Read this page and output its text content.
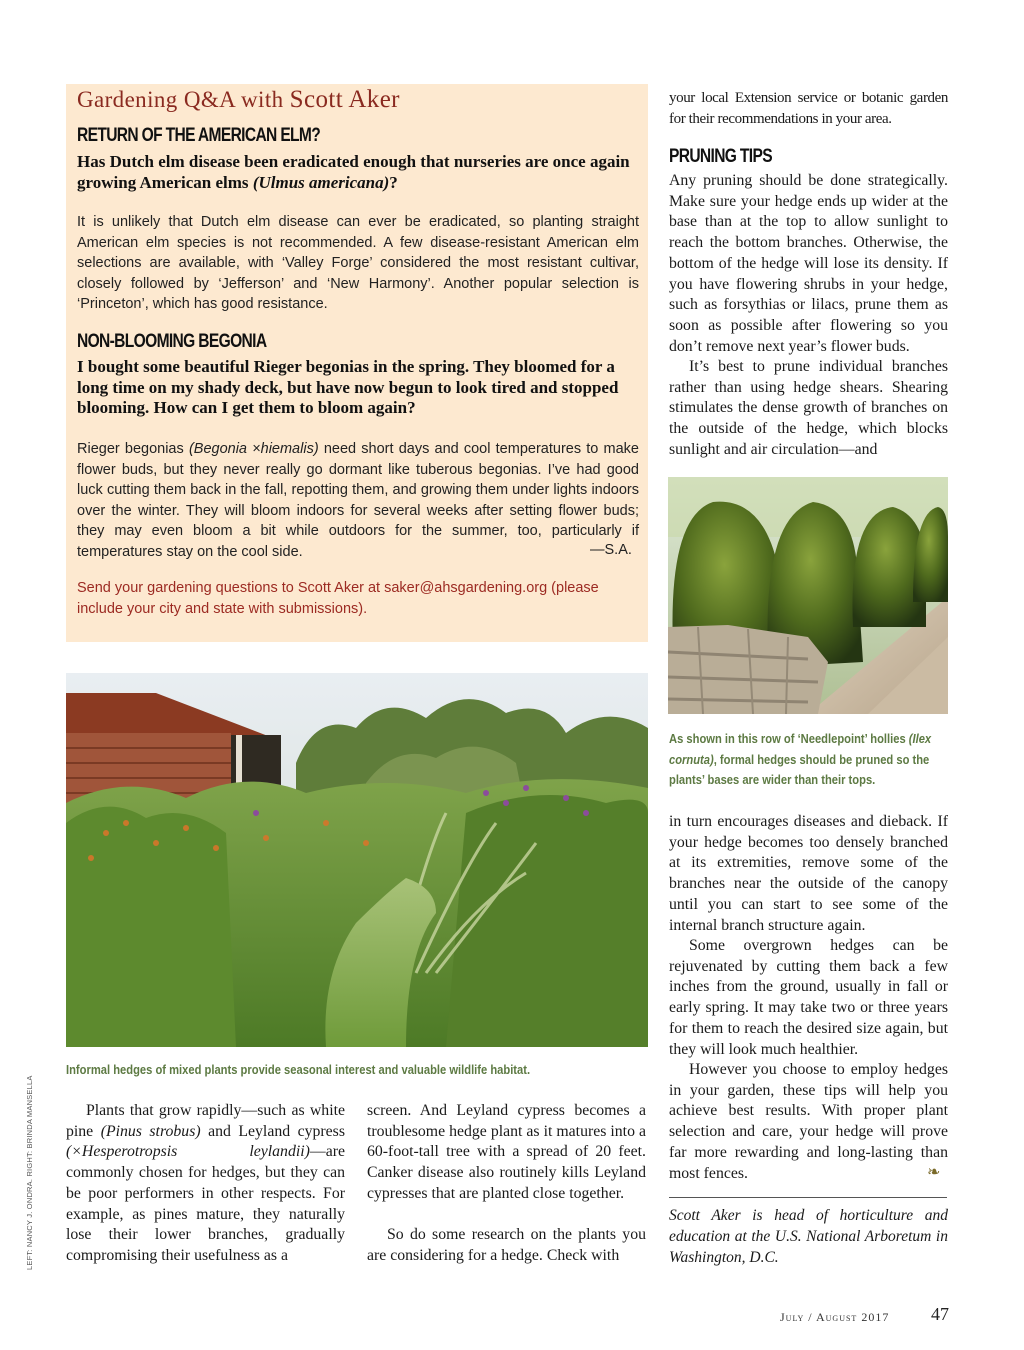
Gardening Q&A with Scott Aker
RETURN OF THE AMERICAN ELM?
Has Dutch elm disease been eradicated enough that nurseries are once again growing American elms (Ulmus americana)?
It is unlikely that Dutch elm disease can ever be eradicated, so planting straight American elm species is not recommended. A few disease-resistant American elm selections are available, with ‘Valley Forge’ considered the most resistant cultivar, closely followed by ‘Jefferson’ and ‘New Harmony’. Another popular selection is ‘Princeton’, which has good resistance.
NON-BLOOMING BEGONIA
I bought some beautiful Rieger begonias in the spring. They bloomed for a long time on my shady deck, but have now begun to look tired and stopped blooming. How can I get them to bloom again?
Rieger begonias (Begonia ×hiemalis) need short days and cool temperatures to make flower buds, but they never really go dormant like tuberous begonias. I’ve had good luck cutting them back in the fall, repotting them, and growing them under lights indoors over the winter. They will bloom indoors for several weeks after setting flower buds; they may even bloom a bit while outdoors for the summer, too, particularly if temperatures stay on the cool side.	—S.A.
Send your gardening questions to Scott Aker at saker@ahsgardening.org (please include your city and state with submissions).
your local Extension service or botanic garden for their recommendations in your area.
PRUNING TIPS
Any pruning should be done strategically. Make sure your hedge ends up wider at the base than at the top to allow sunlight to reach the bottom branches. Otherwise, the bottom of the hedge will lose its density. If you have flowering shrubs in your hedge, such as forsythias or lilacs, prune them as soon as possible after flowering so you don’t remove next year’s flower buds.
It’s best to prune individual branches rather than using hedge shears. Shearing stimulates the dense growth of branches on the outside of the hedge, which blocks sunlight and air circulation—and
As shown in this row of ‘Needlepoint’ hollies (Ilex cornuta), formal hedges should be pruned so the plants’ bases are wider than their tops.
in turn encourages diseases and dieback. If your hedge becomes too densely branched at its extremities, remove some of the branches near the outside of the canopy until you can start to see some of the internal branch structure again.
Some overgrown hedges can be rejuvenated by cutting them back a few inches from the ground, usually in fall or early spring. It may take two or three years for them to reach the desired size again, but they will look much healthier.
However you choose to employ hedges in your garden, these tips will help you achieve best results. With proper plant selection and care, your hedge will prove far more rewarding and long-lasting than most fences.	❧
Scott Aker is head of horticulture and education at the U.S. National Arboretum in Washington, D.C.
Informal hedges of mixed plants provide seasonal interest and valuable wildlife habitat.
Plants that grow rapidly—such as white pine (Pinus strobus) and Leyland cypress (×Hesperotropsis leylandii)—are commonly chosen for hedges, but they can be poor performers in other respects. For example, as pines mature, they naturally lose their lower branches, gradually compromising their usefulness as a
screen. And Leyland cypress becomes a troublesome hedge plant as it matures into a 60-foot-tall tree with a spread of 20 feet. Canker disease also routinely kills Leyland cypresses that are planted close together.
So do some research on the plants you are considering for a hedge. Check with
LEFT: NANCY J. ONDRA. RIGHT: BRINDA MANSELLA
July / August 2017 47
